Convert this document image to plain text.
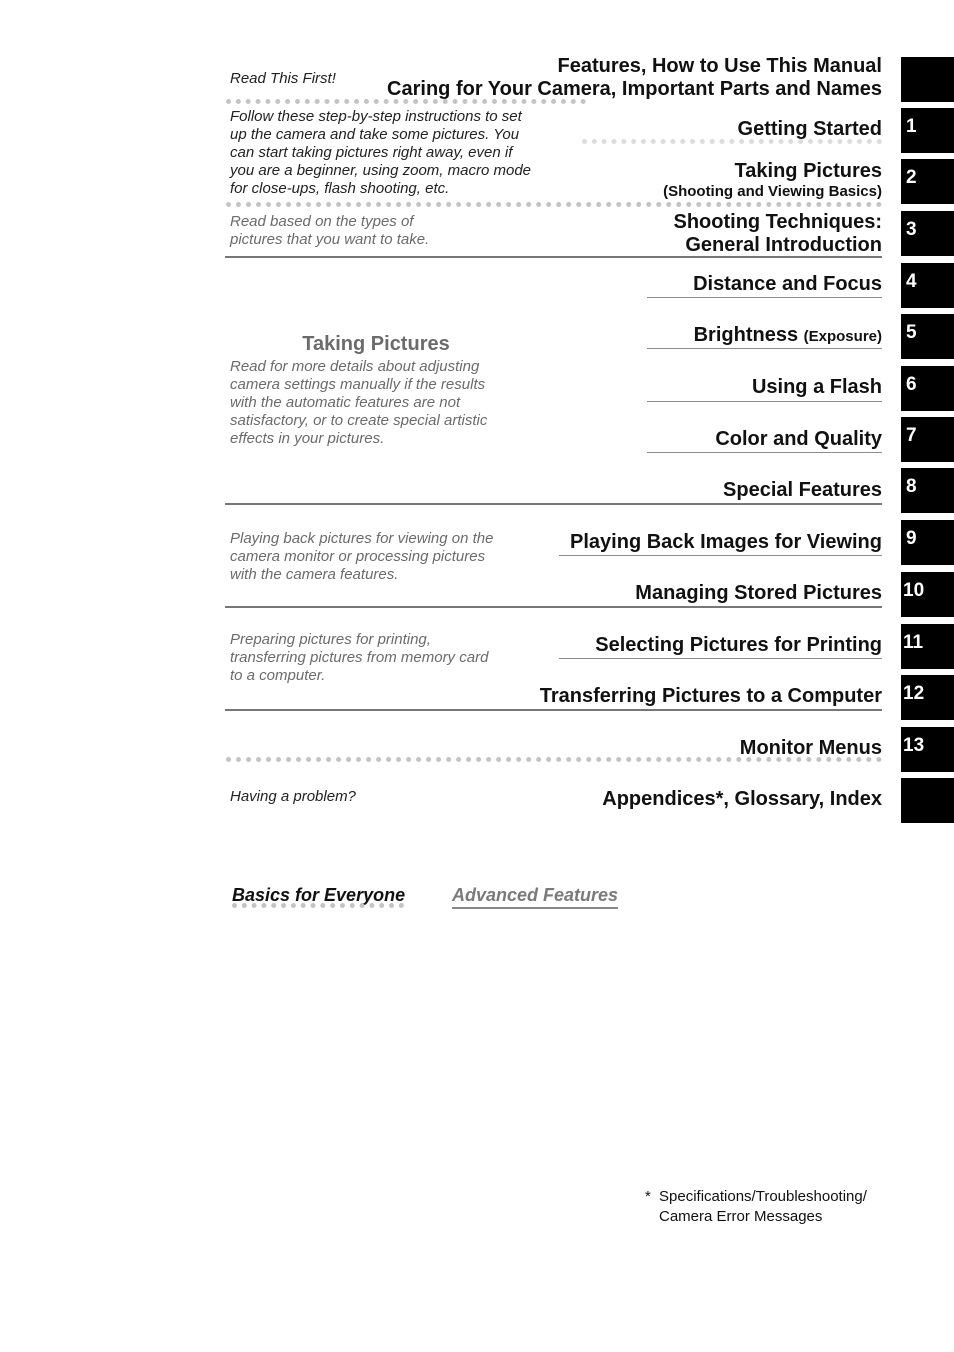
Read This First!
Features, How to Use This Manual
Caring for Your Camera, Important Parts and Names
Follow these step-by-step instructions to set
up the camera and take some pictures. You
can start taking pictures right away, even if
you are a beginner, using zoom, macro mode
for close-ups, flash shooting, etc.
Getting Started 1
Taking Pictures
(Shooting and Viewing Basics)
2
Read based on the types of
pictures that you want to take.
Shooting Techniques:
General Introduction
3
Distance and Focus 4
Taking Pictures
Read for more details about adjusting
camera settings manually if the results
with the automatic features are not
satisfactory, or to create special artistic
effects in your pictures.
Brightness (Exposure) 5
Using a Flash 6
Color and Quality 7
Special Features 8
Playing back pictures for viewing on the
camera monitor or processing pictures
with the camera features.
Playing Back Images for Viewing 9
Managing Stored Pictures 10
Preparing pictures for printing,
transferring pictures from memory card
to a computer.
Selecting Pictures for Printing 11
Transferring Pictures to a Computer 12
Monitor Menus 13
Having a problem?	Appendices*, Glossary, Index
Basics for Everyone	Advanced Features
* Specifications/Troubleshooting/
Camera Error Messages
